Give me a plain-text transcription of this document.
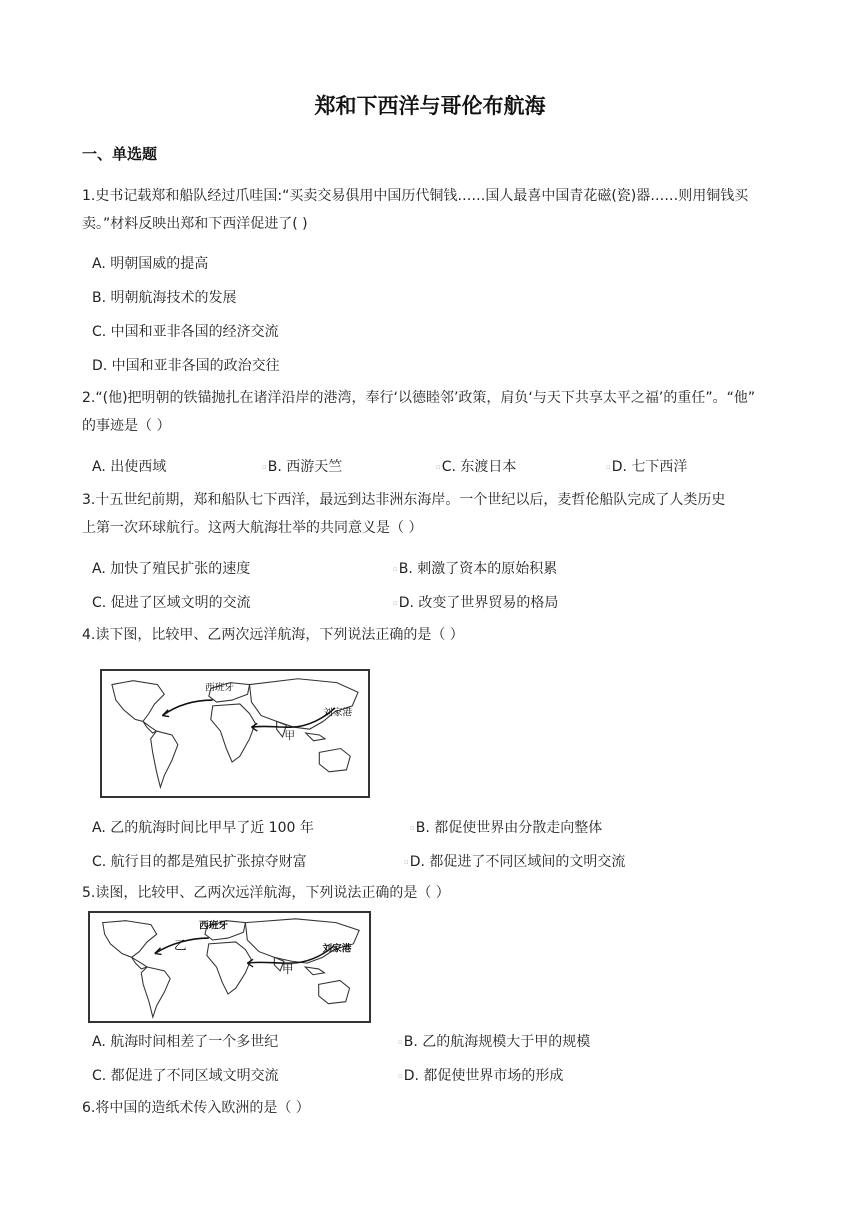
郑和下西洋与哥伦布航海
一、单选题
1.史书记载郑和船队经过爪哇国:“买卖交易俱用中国历代铜钱……国人最喜中国青花磁(瓷)器……则用铜钱买
卖。”材料反映出郑和下西洋促进了( )
A. 明朝国威的提高
B. 明朝航海技术的发展
C. 中国和亚非各国的经济交流
D. 中国和亚非各国的政治交往
2.“(他)把明朝的铁锚抛扎在诸洋沿岸的港湾，奉行‘以德睦邻’政策，肩负‘与天下共享太平之福’的重任”。“他”
的事迹是（ ）
A. 出使西域	▫B. 西游天竺	▫C. 东渡日本	▫D. 七下西洋
3.十五世纪前期，郑和船队七下西洋，最远到达非洲东海岸。一个世纪以后，麦哲伦船队完成了人类历史
上第一次环球航行。这两大航海壮举的共同意义是（ ）
A. 加快了殖民扩张的速度	▫B. 刺激了资本的原始积累
C. 促进了区域文明的交流	▫D. 改变了世界贸易的格局
4.读下图，比较甲、乙两次远洋航海，下列说法正确的是（ ）
西班牙
刘家港
甲
A. 乙的航海时间比甲早了近 100 年	▫B. 都促使世界由分散走向整体
C. 航行目的都是殖民扩张掠夺财富	▫D. 都促进了不同区域间的文明交流
5.读图，比较甲、乙两次远洋航海，下列说法正确的是（ ）
西班牙
刘家港
甲
乙
A. 航海时间相差了一个多世纪	▫B. 乙的航海规模大于甲的规模
C. 都促进了不同区域文明交流	▫D. 都促使世界市场的形成
6.将中国的造纸术传入欧洲的是（ ）
